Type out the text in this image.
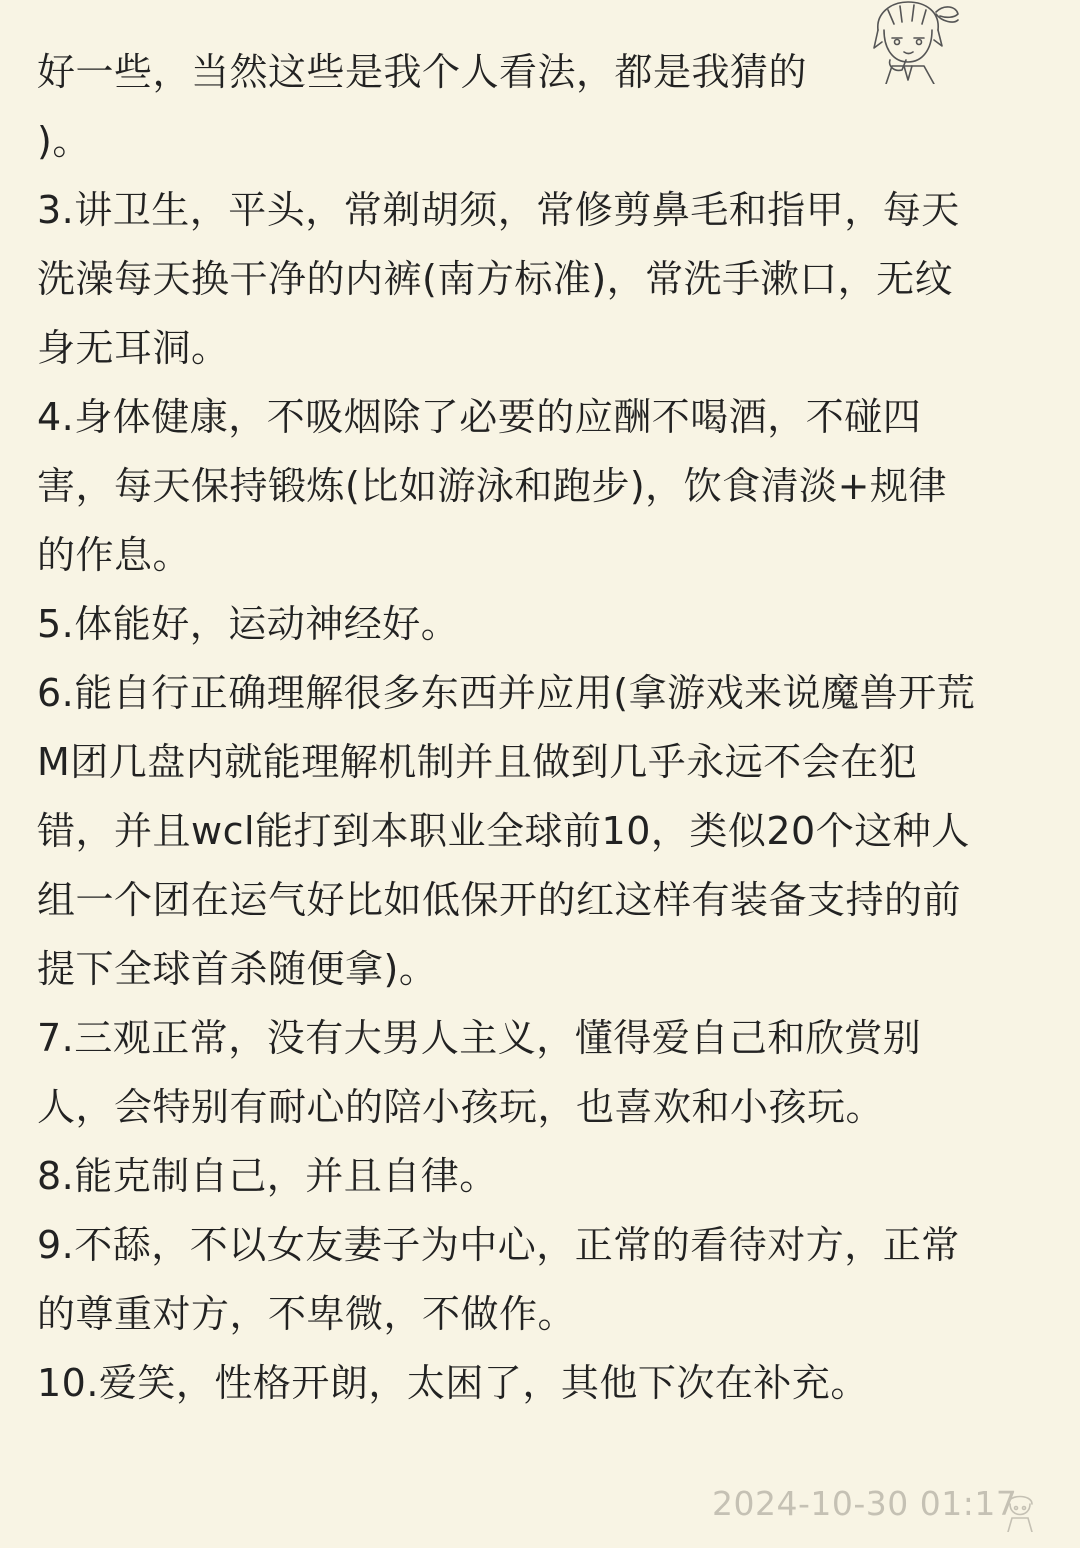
好一些，当然这些是我个人看法，都是我猜的
)。
3.讲卫生，平头，常剃胡须，常修剪鼻毛和指甲，每天
洗澡每天换干净的内裤(南方标准)，常洗手漱口，无纹
身无耳洞。
4.身体健康，不吸烟除了必要的应酬不喝酒，不碰四
害，每天保持锻炼(比如游泳和跑步)，饮食清淡+规律
的作息。
5.体能好，运动神经好。
6.能自行正确理解很多东西并应用(拿游戏来说魔兽开荒
M团几盘内就能理解机制并且做到几乎永远不会在犯
错，并且wcl能打到本职业全球前10，类似20个这种人
组一个团在运气好比如低保开的红这样有装备支持的前
提下全球首杀随便拿)。
7.三观正常，没有大男人主义，懂得爱自己和欣赏别
人，会特别有耐心的陪小孩玩，也喜欢和小孩玩。
8.能克制自己，并且自律。
9.不舔，不以女友妻子为中心，正常的看待对方，正常
的尊重对方，不卑微，不做作。
10.爱笑，性格开朗，太困了，其他下次在补充。
2024-10-30 01:17
